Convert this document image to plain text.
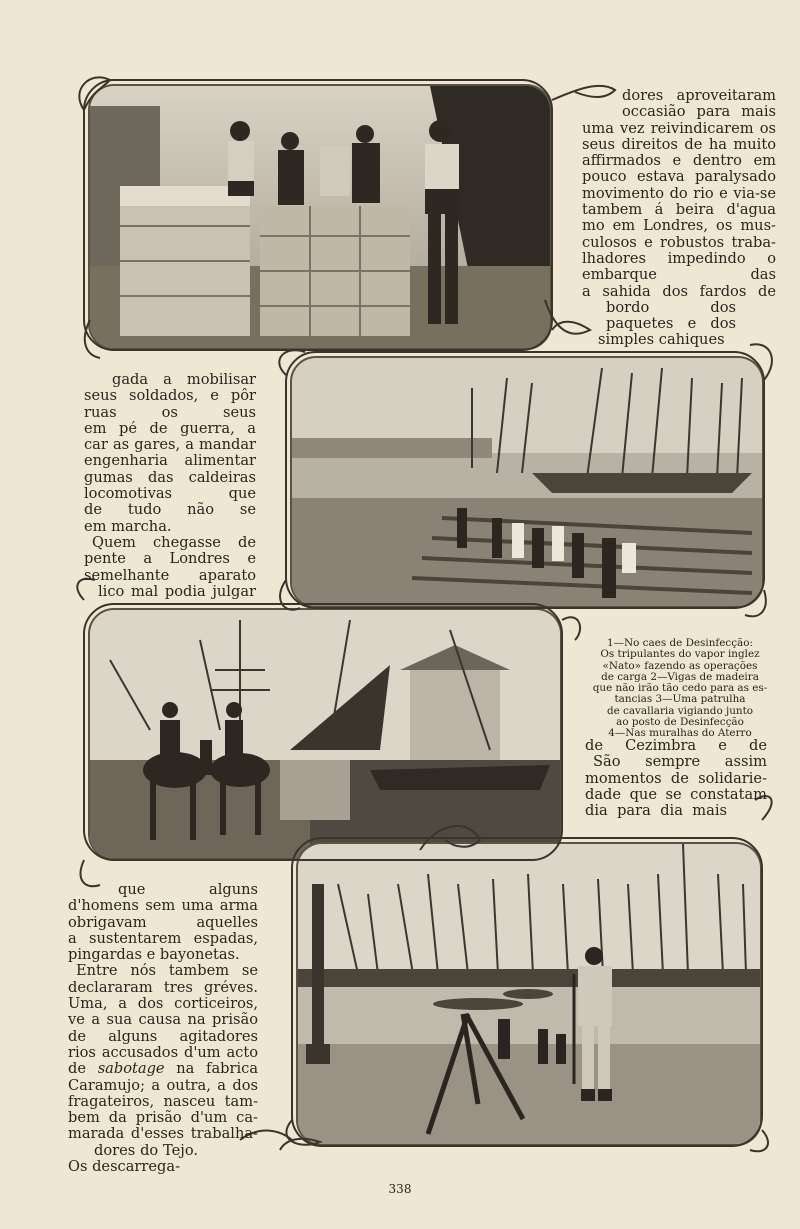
dores aproveitaram
occasião para mais
uma vez reivindicarem os
seus direitos de ha muito
affirmados e dentro em
pouco estava paralysado
movimento do rio e via-se
tambem á beira d'agua
mo em Londres, os mus-
culosos e robustos traba-
lhadores impedindo o
embarque das
a sahida dos fardos de
bordo dos
paquetes e dos
simples cahiques
gada a mobilisar
seus soldados, e pôr
ruas os seus
em pé de guerra, a
car as gares, a mandar
engenharia alimentar
gumas das caldeiras
locomotivas que
de tudo não se
em marcha.
Quem chegasse de
pente a Londres e
semelhante aparato
lico mal podia julgar
1—No caes de Desinfecção:
Os tripulantes do vapor inglez
«Nato» fazendo as operações
de carga 2—Vigas de madeira
que não irão tão cedo para as es-
tancias 3—Uma patrulha
de cavallaria vigiando junto
ao posto de Desinfecção
4—Nas muralhas do Aterro
de Cezimbra e de
São sempre assim
momentos de solidarie-
dade que se constatam
dia para dia mais
que alguns
d'homens sem uma arma
obrigavam aquelles
a sustentarem espadas,
pingardas e bayonetas.
Entre nós tambem se
declararam tres gréves.
Uma, a dos corticeiros,
ve a sua causa na prisão
de alguns agitadores
rios accusados d'um acto
de sabotage na fabrica
Caramujo; a outra, a dos
fragateiros, nasceu tam-
bem da prisão d'um ca-
marada d'esses trabalha-
dores do Tejo.
Os descarrega-
338
